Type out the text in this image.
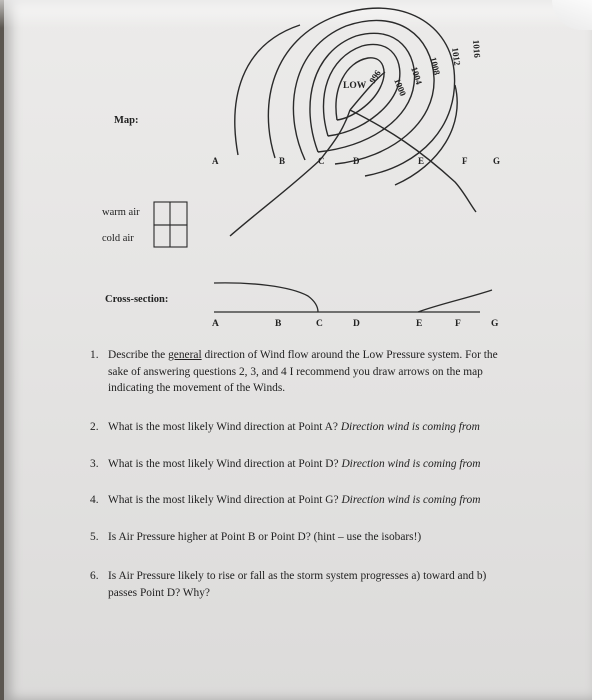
996
1000
1004 1008 1012 1016
LOW
A	B	C	D	E	F	G
A	B	C	D	E	F	G
Map:
warm air
cold air
Cross-section:
1. Describe the general direction of Wind flow around the Low Pressure system. For the sake of answering questions 2, 3, and 4 I recommend you draw arrows on the map indicating the movement of the Winds.
2. What is the most likely Wind direction at Point A? Direction wind is coming from
3. What is the most likely Wind direction at Point D? Direction wind is coming from
4. What is the most likely Wind direction at Point G? Direction wind is coming from
5. Is Air Pressure higher at Point B or Point D? (hint – use the isobars!)
6. Is Air Pressure likely to rise or fall as the storm system progresses a) toward and b) passes Point D? Why?
